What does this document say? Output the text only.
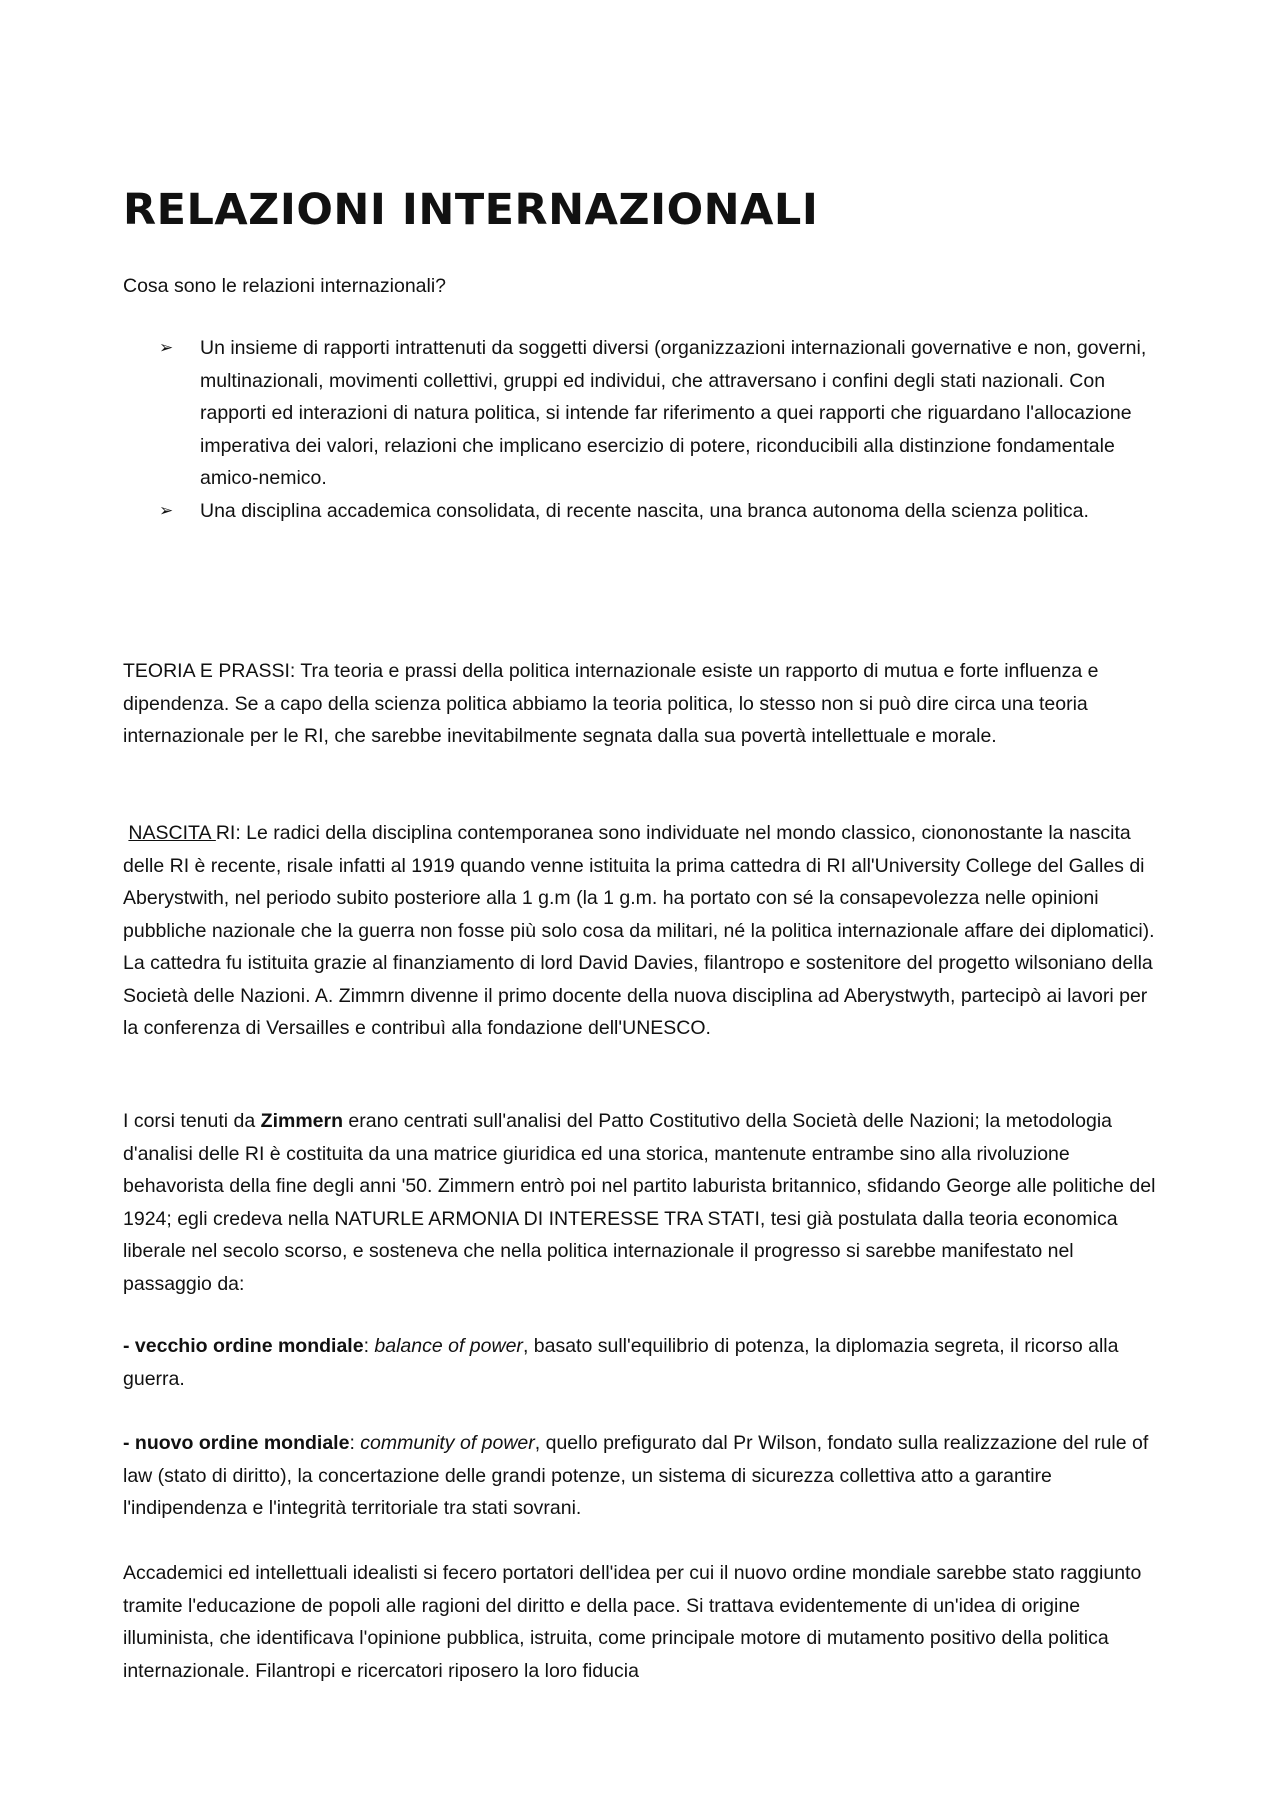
RELAZIONI INTERNAZIONALI

Cosa sono le relazioni internazionali?

➢ Un insieme di rapporti intrattenuti da soggetti diversi (organizzazioni internazionali governative e non, governi, multinazionali, movimenti collettivi, gruppi ed individui, che attraversano i confini degli stati nazionali. Con rapporti ed interazioni di natura politica, si intende far riferimento a quei rapporti che riguardano l'allocazione imperativa dei valori, relazioni che implicano esercizio di potere, riconducibili alla distinzione fondamentale amico-nemico.
➢ Una disciplina accademica consolidata, di recente nascita, una branca autonoma della scienza politica.

TEORIA E PRASSI: Tra teoria e prassi della politica internazionale esiste un rapporto di mutua e forte influenza e dipendenza. Se a capo della scienza politica abbiamo la teoria politica, lo stesso non si può dire circa una teoria internazionale per le RI, che sarebbe inevitabilmente segnata dalla sua povertà intellettuale e morale.

NASCITA RI: Le radici della disciplina contemporanea sono individuate nel mondo classico, ciononostante la nascita delle RI è recente, risale infatti al 1919 quando venne istituita la prima cattedra di RI all'University College del Galles di Aberystwith, nel periodo subito posteriore alla 1 g.m (la 1 g.m. ha portato con sé la consapevolezza nelle opinioni pubbliche nazionale che la guerra non fosse più solo cosa da militari, né la politica internazionale affare dei diplomatici). La cattedra fu istituita grazie al finanziamento di lord David Davies, filantropo e sostenitore del progetto wilsoniano della Società delle Nazioni. A. Zimmrn divenne il primo docente della nuova disciplina ad Aberystwyth, partecipò ai lavori per la conferenza di Versailles e contribuì alla fondazione dell'UNESCO.

I corsi tenuti da Zimmern erano centrati sull'analisi del Patto Costitutivo della Società delle Nazioni; la metodologia d'analisi delle RI è costituita da una matrice giuridica ed una storica, mantenute entrambe sino alla rivoluzione behavorista della fine degli anni '50. Zimmern entrò poi nel partito laburista britannico, sfidando George alle politiche del 1924; egli credeva nella NATURLE ARMONIA DI INTERESSE TRA STATI, tesi già postulata dalla teoria economica liberale nel secolo scorso, e sosteneva che nella politica internazionale il progresso si sarebbe manifestato nel passaggio da:

- vecchio ordine mondiale: balance of power, basato sull'equilibrio di potenza, la diplomazia segreta, il ricorso alla guerra.

- nuovo ordine mondiale: community of power, quello prefigurato dal Pr Wilson, fondato sulla realizzazione del rule of law (stato di diritto), la concertazione delle grandi potenze, un sistema di sicurezza collettiva atto a garantire l'indipendenza e l'integrità territoriale tra stati sovrani.

Accademici ed intellettuali idealisti si fecero portatori dell'idea per cui il nuovo ordine mondiale sarebbe stato raggiunto tramite l'educazione de popoli alle ragioni del diritto e della pace. Si trattava evidentemente di un'idea di origine illuminista, che identificava l'opinione pubblica, istruita, come principale motore di mutamento positivo della politica internazionale. Filantropi e ricercatori riposero la loro fiducia
